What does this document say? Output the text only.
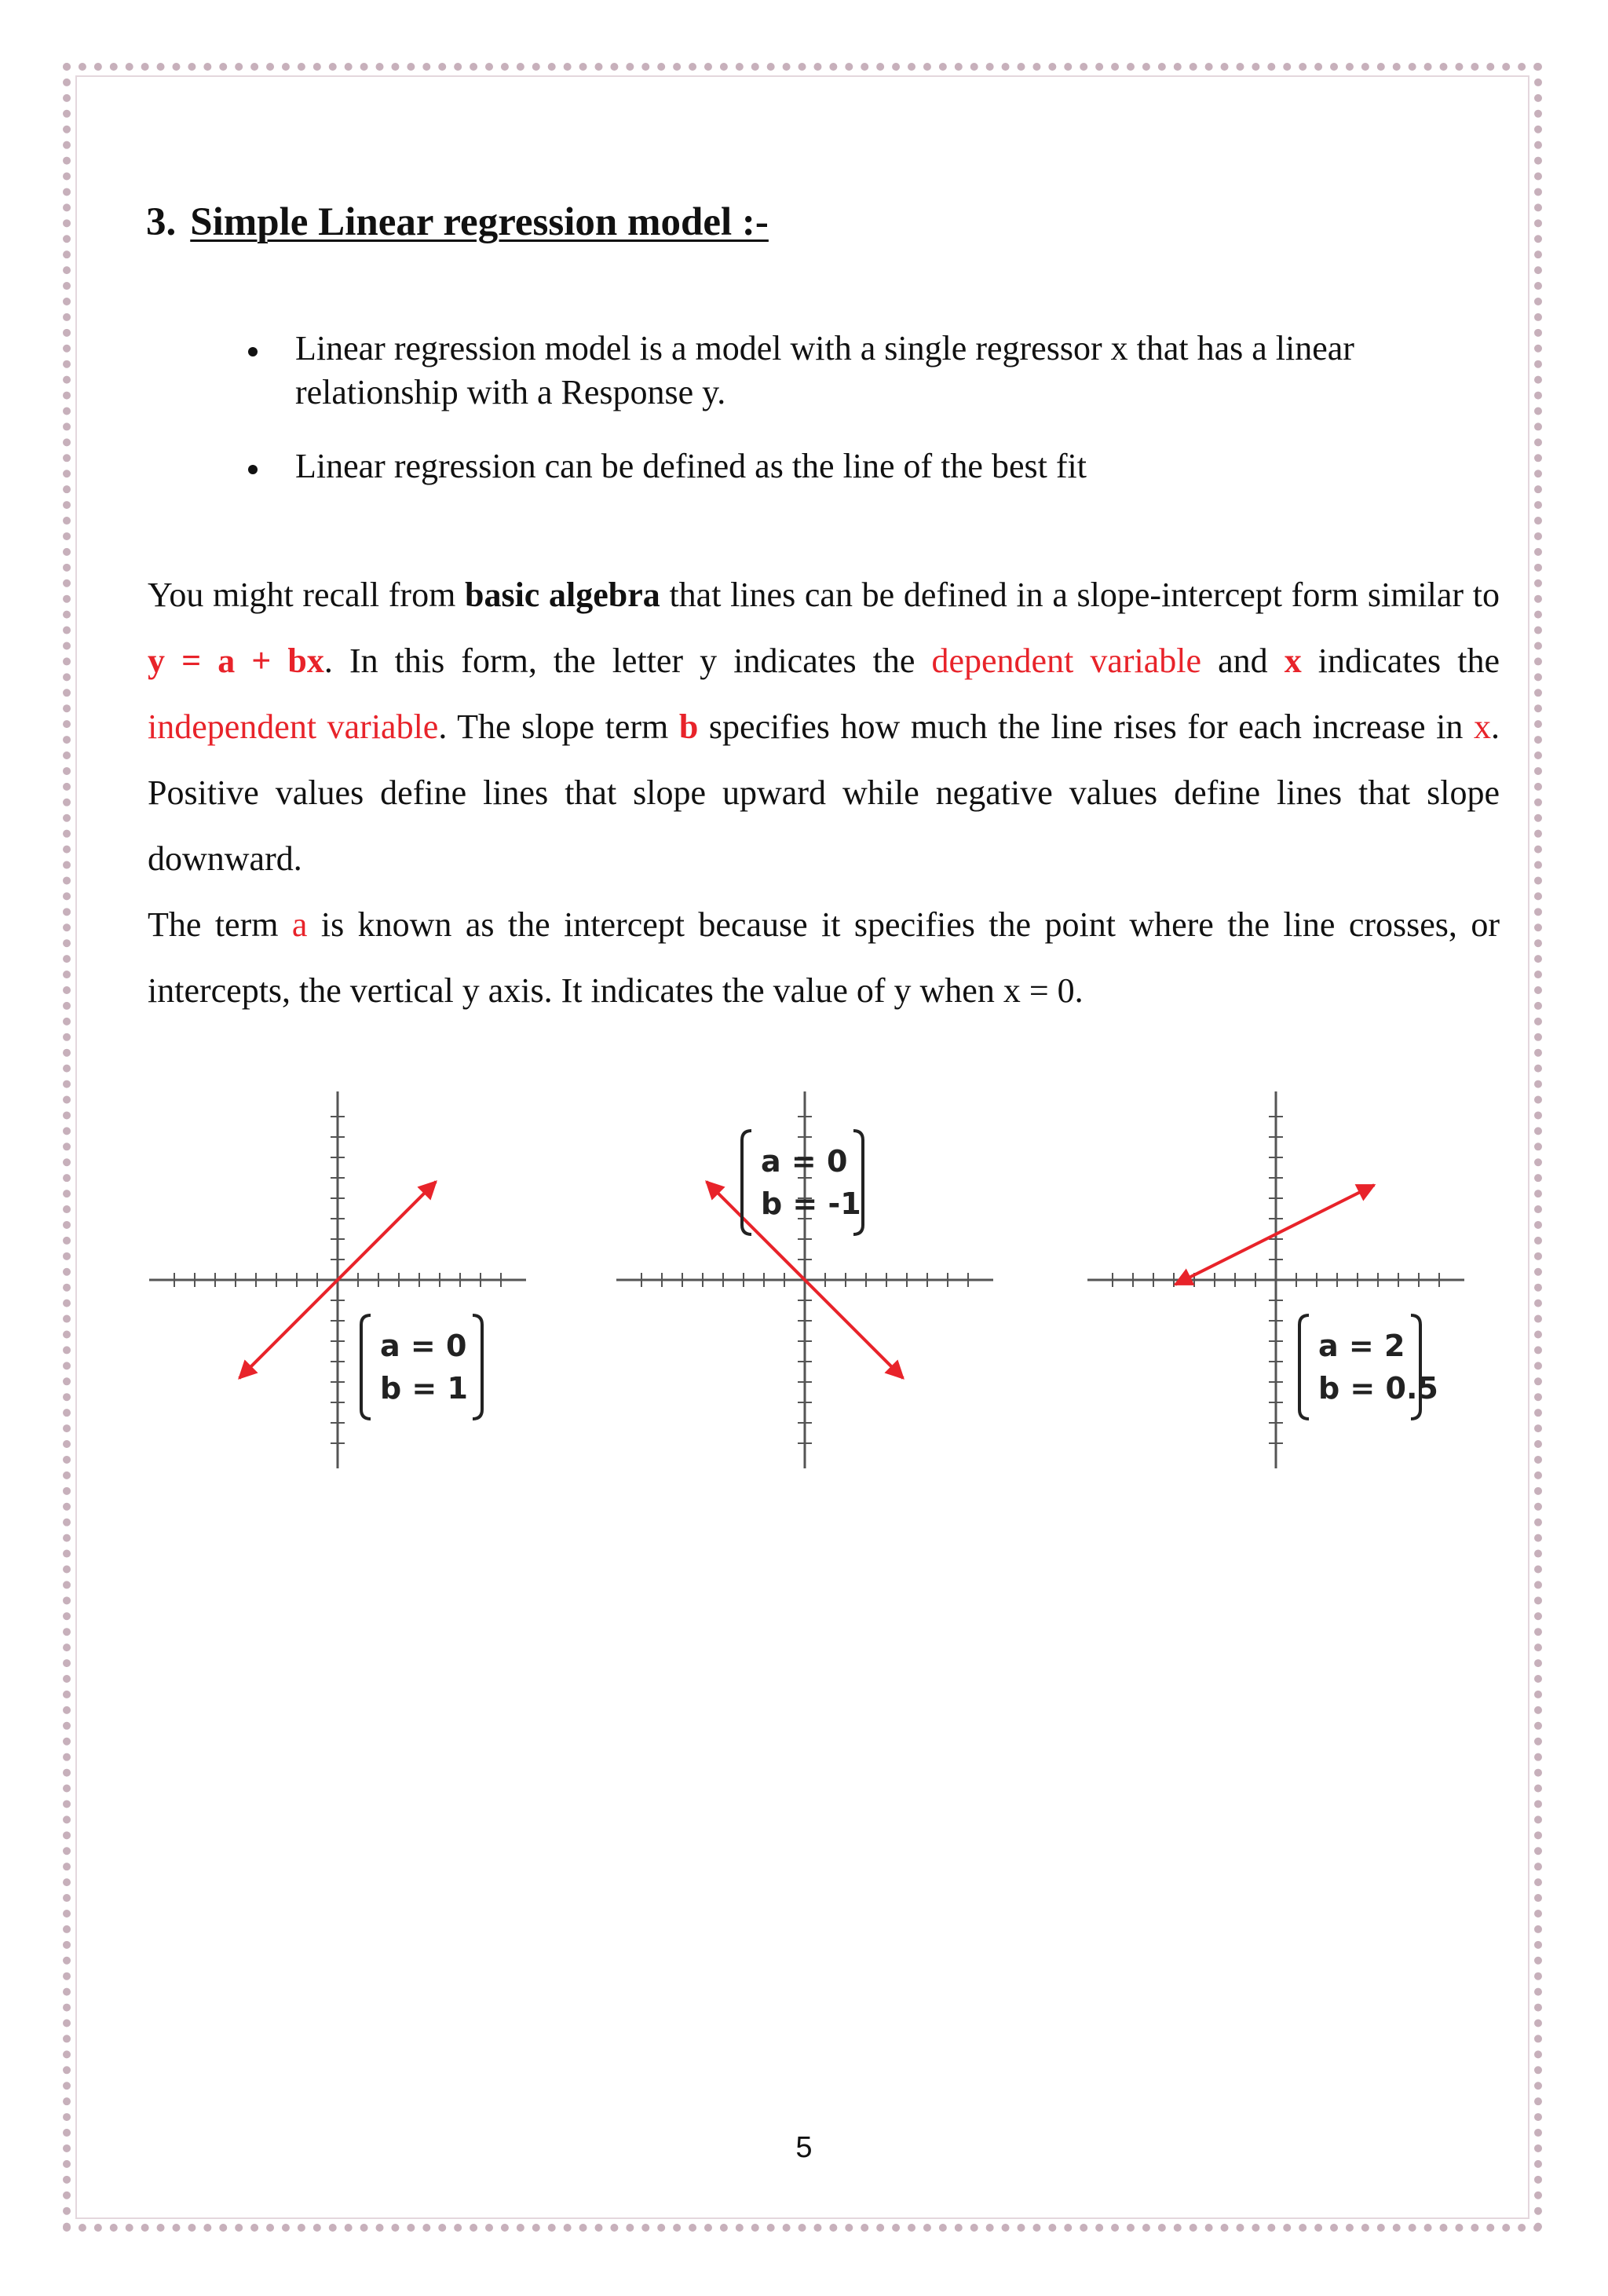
3. Simple Linear regression model :-
Linear regression model is a model with a single regressor x that has a linear relationship with a Response y.
Linear regression can be defined as the line of the best fit

You might recall from basic algebra that lines can be defined in a slope-intercept form similar to y = a + bx. In this form, the letter y indicates the dependent variable and x indicates the independent variable. The slope term b specifies how much the line rises for each increase in x. Positive values define lines that slope upward while negative values define lines that slope downward.

The term a is known as the intercept because it specifies the point where the line crosses, or intercepts, the vertical y axis. It indicates the value of y when x = 0.

a = 0
b = 1
a = 0
b = -1
a = 2
b = 0.5
5
